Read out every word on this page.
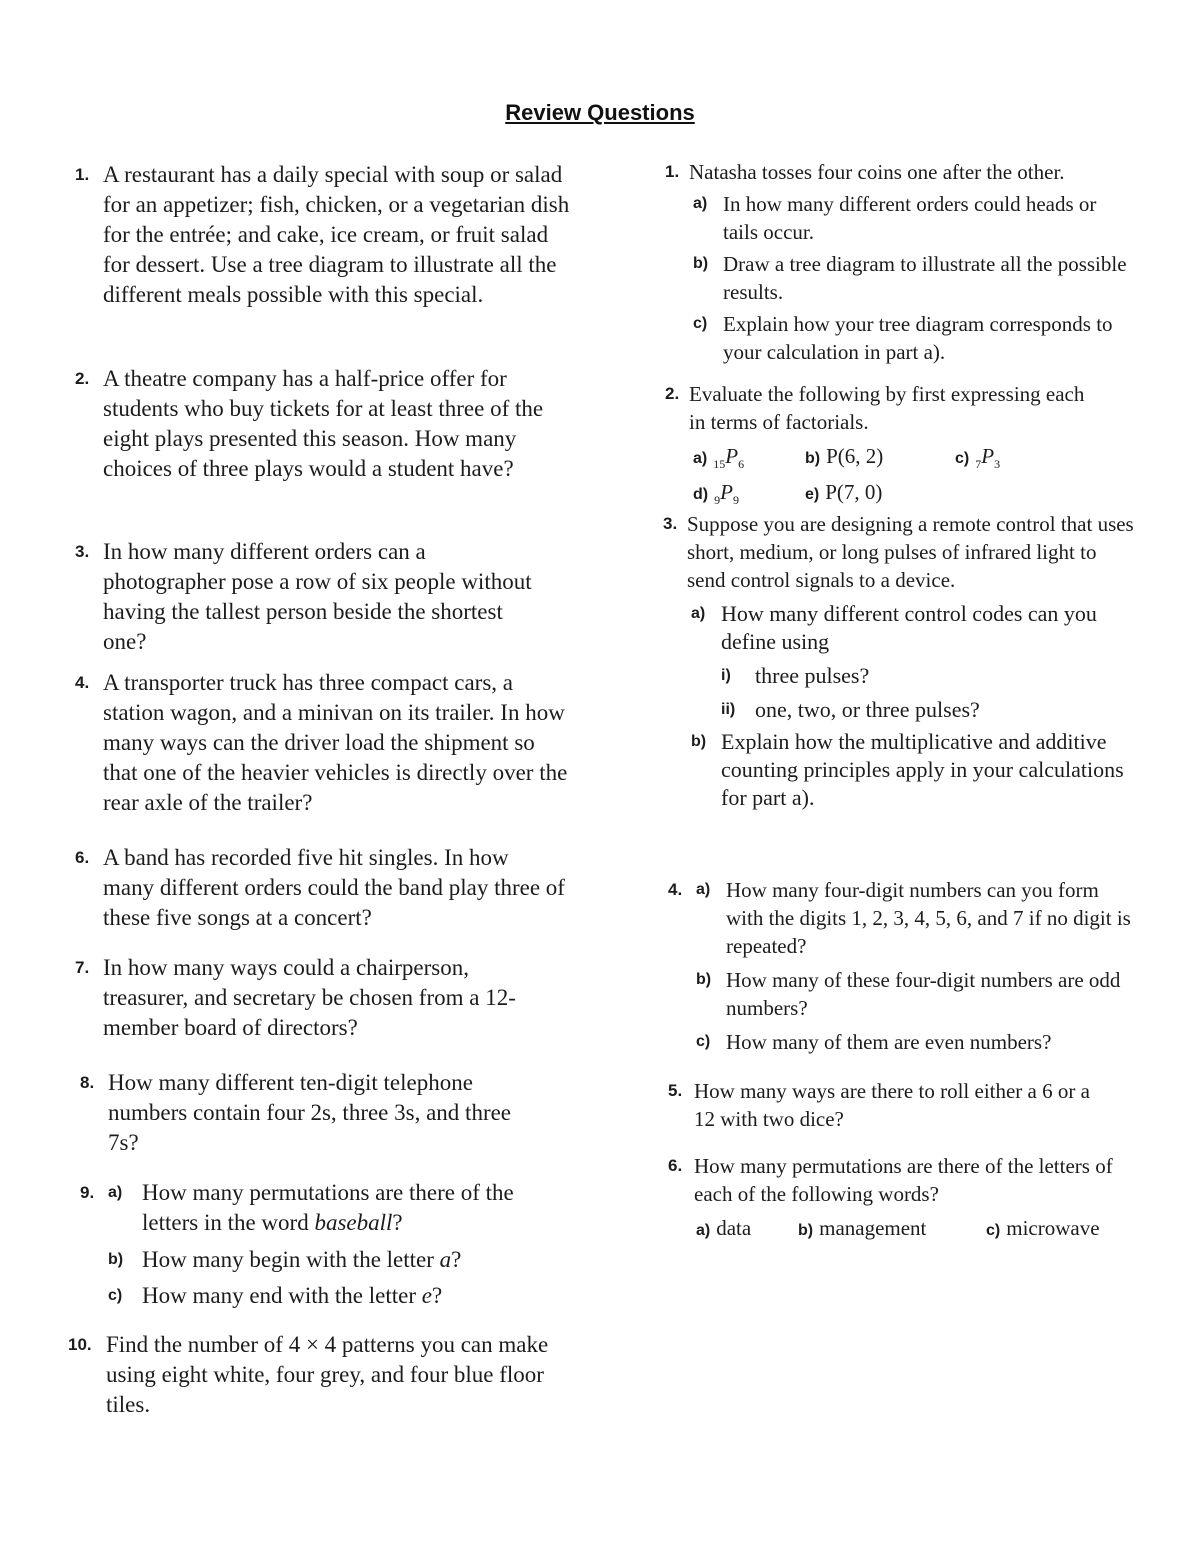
Review Questions
1. A restaurant has a daily special with soup or salad for an appetizer; fish, chicken, or a vegetarian dish for the entrée; and cake, ice cream, or fruit salad for dessert. Use a tree diagram to illustrate all the different meals possible with this special.
2. A theatre company has a half-price offer for students who buy tickets for at least three of the eight plays presented this season. How many choices of three plays would a student have?
3. In how many different orders can a photographer pose a row of six people without having the tallest person beside the shortest one?
4. A transporter truck has three compact cars, a station wagon, and a minivan on its trailer. In how many ways can the driver load the shipment so that one of the heavier vehicles is directly over the rear axle of the trailer?
6. A band has recorded five hit singles. In how many different orders could the band play three of these five songs at a concert?
7. In how many ways could a chairperson, treasurer, and secretary be chosen from a 12-member board of directors?
8. How many different ten-digit telephone numbers contain four 2s, three 3s, and three 7s?
9. a) How many permutations are there of the letters in the word baseball?
b) How many begin with the letter a?
c) How many end with the letter e?
10. Find the number of 4 × 4 patterns you can make using eight white, four grey, and four blue floor tiles.
1. Natasha tosses four coins one after the other.
a) In how many different orders could heads or tails occur.
b) Draw a tree diagram to illustrate all the possible results.
c) Explain how your tree diagram corresponds to your calculation in part a).
2. Evaluate the following by first expressing each in terms of factorials.
a) $_{15}P_6$	b) P(6, 2)	c) $_7P_3$
d) $_9P_9$	e) P(7, 0)
3. Suppose you are designing a remote control that uses short, medium, or long pulses of infrared light to send control signals to a device.
a) How many different control codes can you define using
i) three pulses?
ii) one, two, or three pulses?
b) Explain how the multiplicative and additive counting principles apply in your calculations for part a).
4. a) How many four-digit numbers can you form with the digits 1, 2, 3, 4, 5, 6, and 7 if no digit is repeated?
b) How many of these four-digit numbers are odd numbers?
c) How many of them are even numbers?
5. How many ways are there to roll either a 6 or a 12 with two dice?
6. How many permutations are there of the letters of each of the following words?
a) data	b) management	c) microwave
